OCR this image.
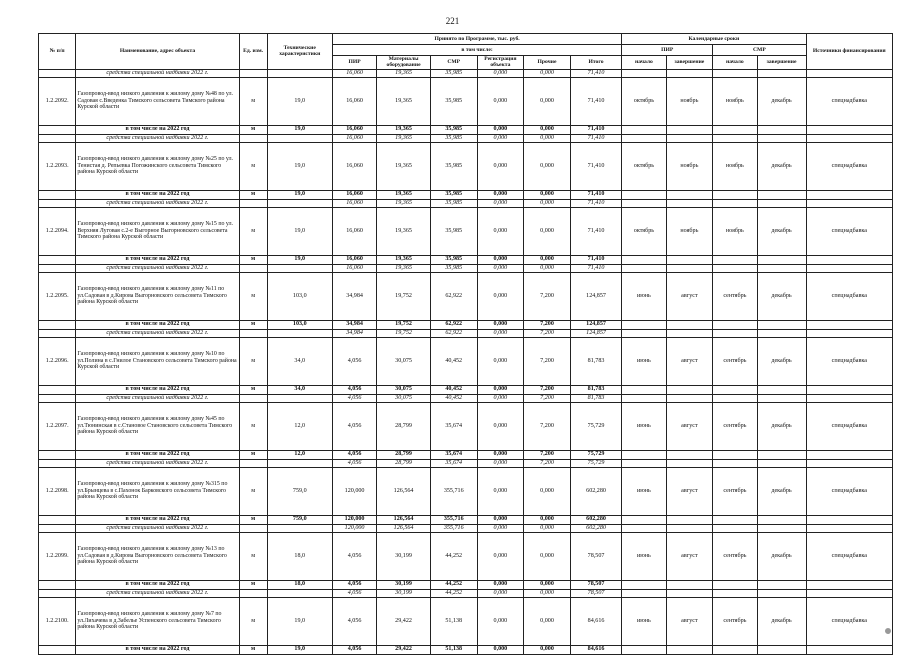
221
№ п/п	Наименование, адрес объекта	Ед. изм.	Технические характеристики	Принято по Программе, тыс. руб.						Календарные сроки				Источники финансирования
				в том числе:						ПИР		СМР		
				ПИР	Материалы оборудование	СМР	Регистрация объекта	Прочие	Итого	начало	завершение	начало	завершение	
	средства специальной надбавки 2022 г.			16,060	19,365	35,985	0,000	0,000	71,410					
1.2.2092.	Газопровод-ввод низкого давления к жилому дому №48 по ул. Садовая с.Введенка Тимского сельсовета Тимского района Курской области	м	19,0	16,060	19,365	35,985	0,000	0,000	71,410	октябрь	ноябрь	ноябрь	декабрь	спецнадбавка
	в том числе на 2022 год	м	19,0	16,060	19,365	35,985	0,000	0,000	71,410					
	средства специальной надбавки 2022 г.			16,060	19,365	35,985	0,000	0,000	71,410					
1.2.2093.	Газопровод-ввод низкого давления к жилому дому №25 по ул. Тенистая д. Репьевка Погожинского сельсовета Тимского района Курской области	м	19,0	16,060	19,365	35,985	0,000	0,000	71,410	октябрь	ноябрь	ноябрь	декабрь	спецнадбавка
	в том числе на 2022 год	м	19,0	16,060	19,365	35,985	0,000	0,000	71,410					
	средства специальной надбавки 2022 г.			16,060	19,365	35,985	0,000	0,000	71,410					
1.2.2094.	Газопровод-ввод низкого давления к жилому дому №15 по ул. Верхняя Луговая с.2-е Выгорное Выгорновского сельсовета Тимского района Курской области	м	19,0	16,060	19,365	35,985	0,000	0,000	71,410	октябрь	ноябрь	ноябрь	декабрь	спецнадбавка
	в том числе на 2022 год	м	19,0	16,060	19,365	35,985	0,000	0,000	71,410					
	средства специальной надбавки 2022 г.			16,060	19,365	35,985	0,000	0,000	71,410					
1.2.2095.	Газопровод-ввод низкого давления к жилому дому №11 по ул.Садовая в д.Кирова Выгорновского сельсовета Тимского района Курской области	м	103,0	34,984	19,752	62,922	0,000	7,200	124,857	июнь	август	сентябрь	декабрь	спецнадбавка
	в том числе на 2022 год	м	103,0	34,984	19,752	62,922	0,000	7,200	124,857					
	средства специальной надбавки 2022 г.			34,984	19,752	62,922	0,000	7,200	124,857					
1.2.2096.	Газопровод-ввод низкого давления к жилому дому №10 по ул.Полина в с.Гнилое Становского сельсовета Тимского района Курской области	м	34,0	4,056	30,075	40,452	0,000	7,200	81,783	июнь	август	сентябрь	декабрь	спецнадбавка
	в том числе на 2022 год	м	34,0	4,056	30,075	40,452	0,000	7,200	81,783					
	средства специальной надбавки 2022 г.			4,056	30,075	40,452	0,000	7,200	81,783					
1.2.2097.	Газопровод-ввод низкого давления к жилому дому №45 по ул.Тюнинская в с.Становое Становского сельсовета Тимского района Курской области	м	12,0	4,056	28,799	35,674	0,000	7,200	75,729	июнь	август	сентябрь	декабрь	спецнадбавка
	в том числе на 2022 год	м	12,0	4,056	28,799	35,674	0,000	7,200	75,729					
	средства специальной надбавки 2022 г.			4,056	28,799	35,674	0,000	7,200	75,729					
1.2.2098.	Газопровод-ввод низкого давления к жилому дому №315 по ул.Брынцева в с.Пахонок Барковского сельсовета Тимского района Курской области	м	759,0	120,000	126,564	355,716	0,000	0,000	602,280	июнь	август	сентябрь	декабрь	спецнадбавка
	в том числе на 2022 год	м	759,0	120,000	126,564	355,716	0,000	0,000	602,280					
	средства специальной надбавки 2022 г.			120,000	126,564	355,716	0,000	0,000	602,280					
1.2.2099.	Газопровод-ввод низкого давления к жилому дому №13 по ул.Садовая в д.Кирова Выгорновского сельсовета Тимского района Курской области	м	18,0	4,056	30,199	44,252	0,000	0,000	78,507	июнь	август	сентябрь	декабрь	спецнадбавка
	в том числе на 2022 год	м	18,0	4,056	30,199	44,252	0,000	0,000	78,507					
	средства специальной надбавки 2022 г.			4,056	30,199	44,252	0,000	0,000	78,507					
1.2.2100.	Газопровод-ввод низкого давления к жилому дому №7 по ул.Лихачева в д.Забелье Успенского сельсовета Тимского района Курской области	м	19,0	4,056	29,422	51,138	0,000	0,000	84,616	июнь	август	сентябрь	декабрь	спецнадбавка
	в том числе на 2022 год	м	19,0	4,056	29,422	51,138	0,000	0,000	84,616					
